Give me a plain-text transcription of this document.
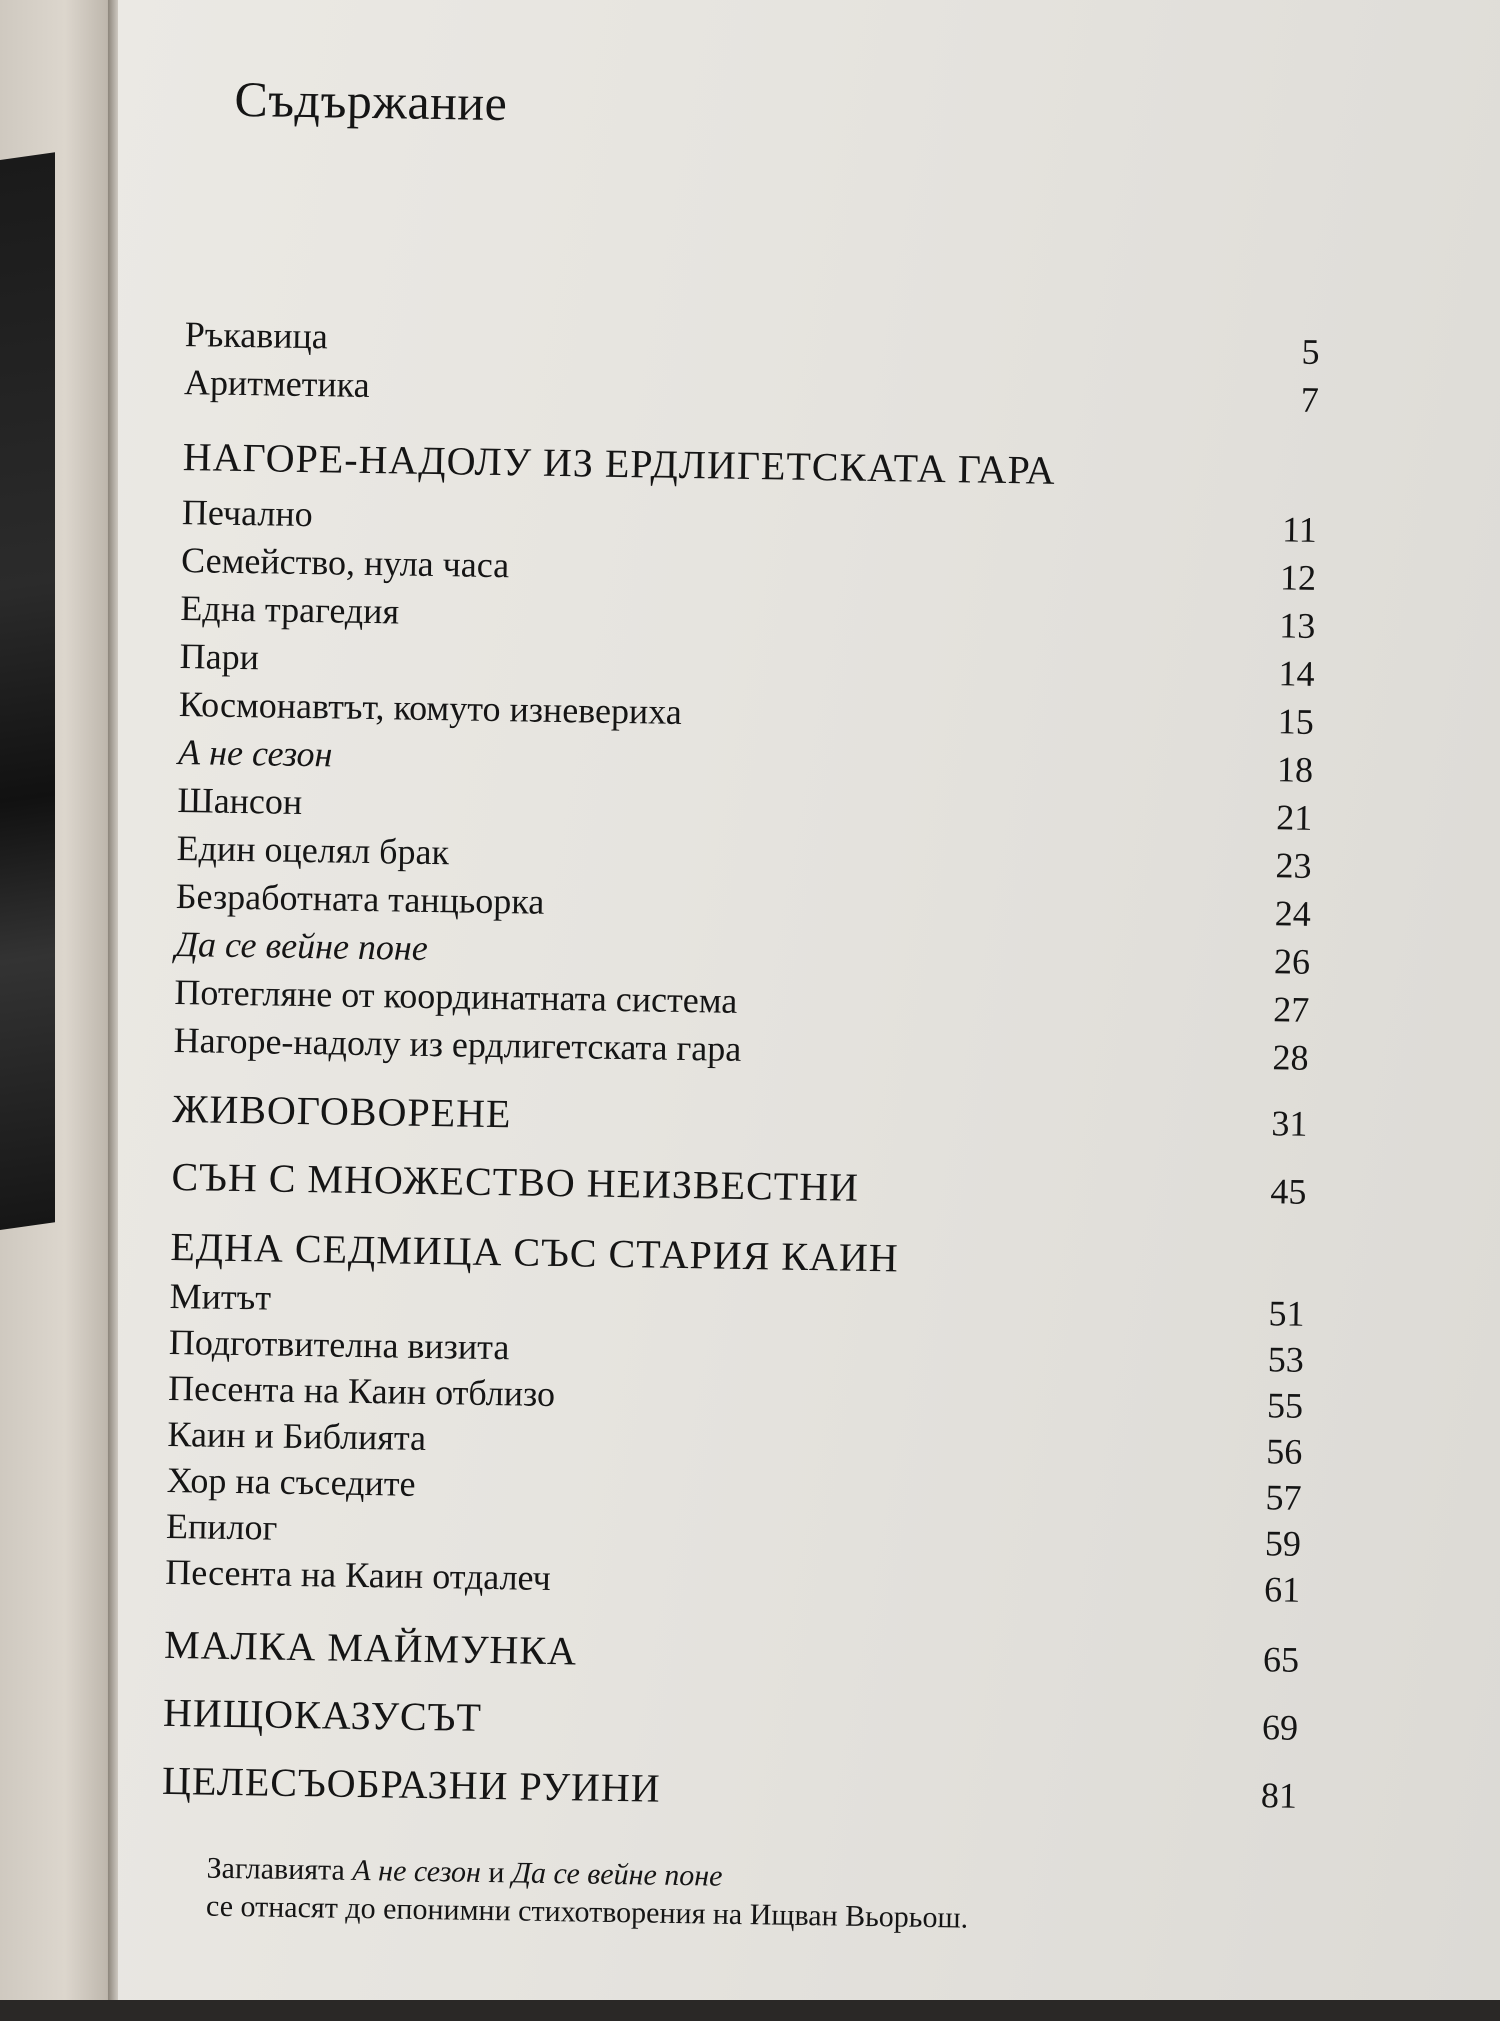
Съдържание
Ръкавица	5
Аритметика	7
НАГОРЕ-НАДОЛУ ИЗ ЕРДЛИГЕТСКАТА ГАРА
Печално	11
Семейство, нула часа	12
Една трагедия	13
Пари	14
Космонавтът, комуто изневериха	15
А не сезон	18
Шансон	21
Един оцелял брак	23
Безработната танцьорка	24
Да се вейне поне	26
Потегляне от координатната система	27
Нагоре-надолу из ердлигетската гара	28
ЖИВОГОВОРЕНЕ	31
СЪН С МНОЖЕСТВО НЕИЗВЕСТНИ	45
ЕДНА СЕДМИЦА СЪС СТАРИЯ КАИН
Митът	51
Подготвителна визита	53
Песента на Каин отблизо	55
Каин и Библията	56
Хор на съседите	57
Епилог	59
Песента на Каин отдалеч	61
МАЛКА МАЙМУНКА	65
НИЩОКАЗУСЪТ	69
ЦЕЛЕСЪОБРАЗНИ РУИНИ	81
Заглавията А не сезон и Да се вейне поне
се отнасят до епонимни стихотворения на Ищван Вьорьош.
